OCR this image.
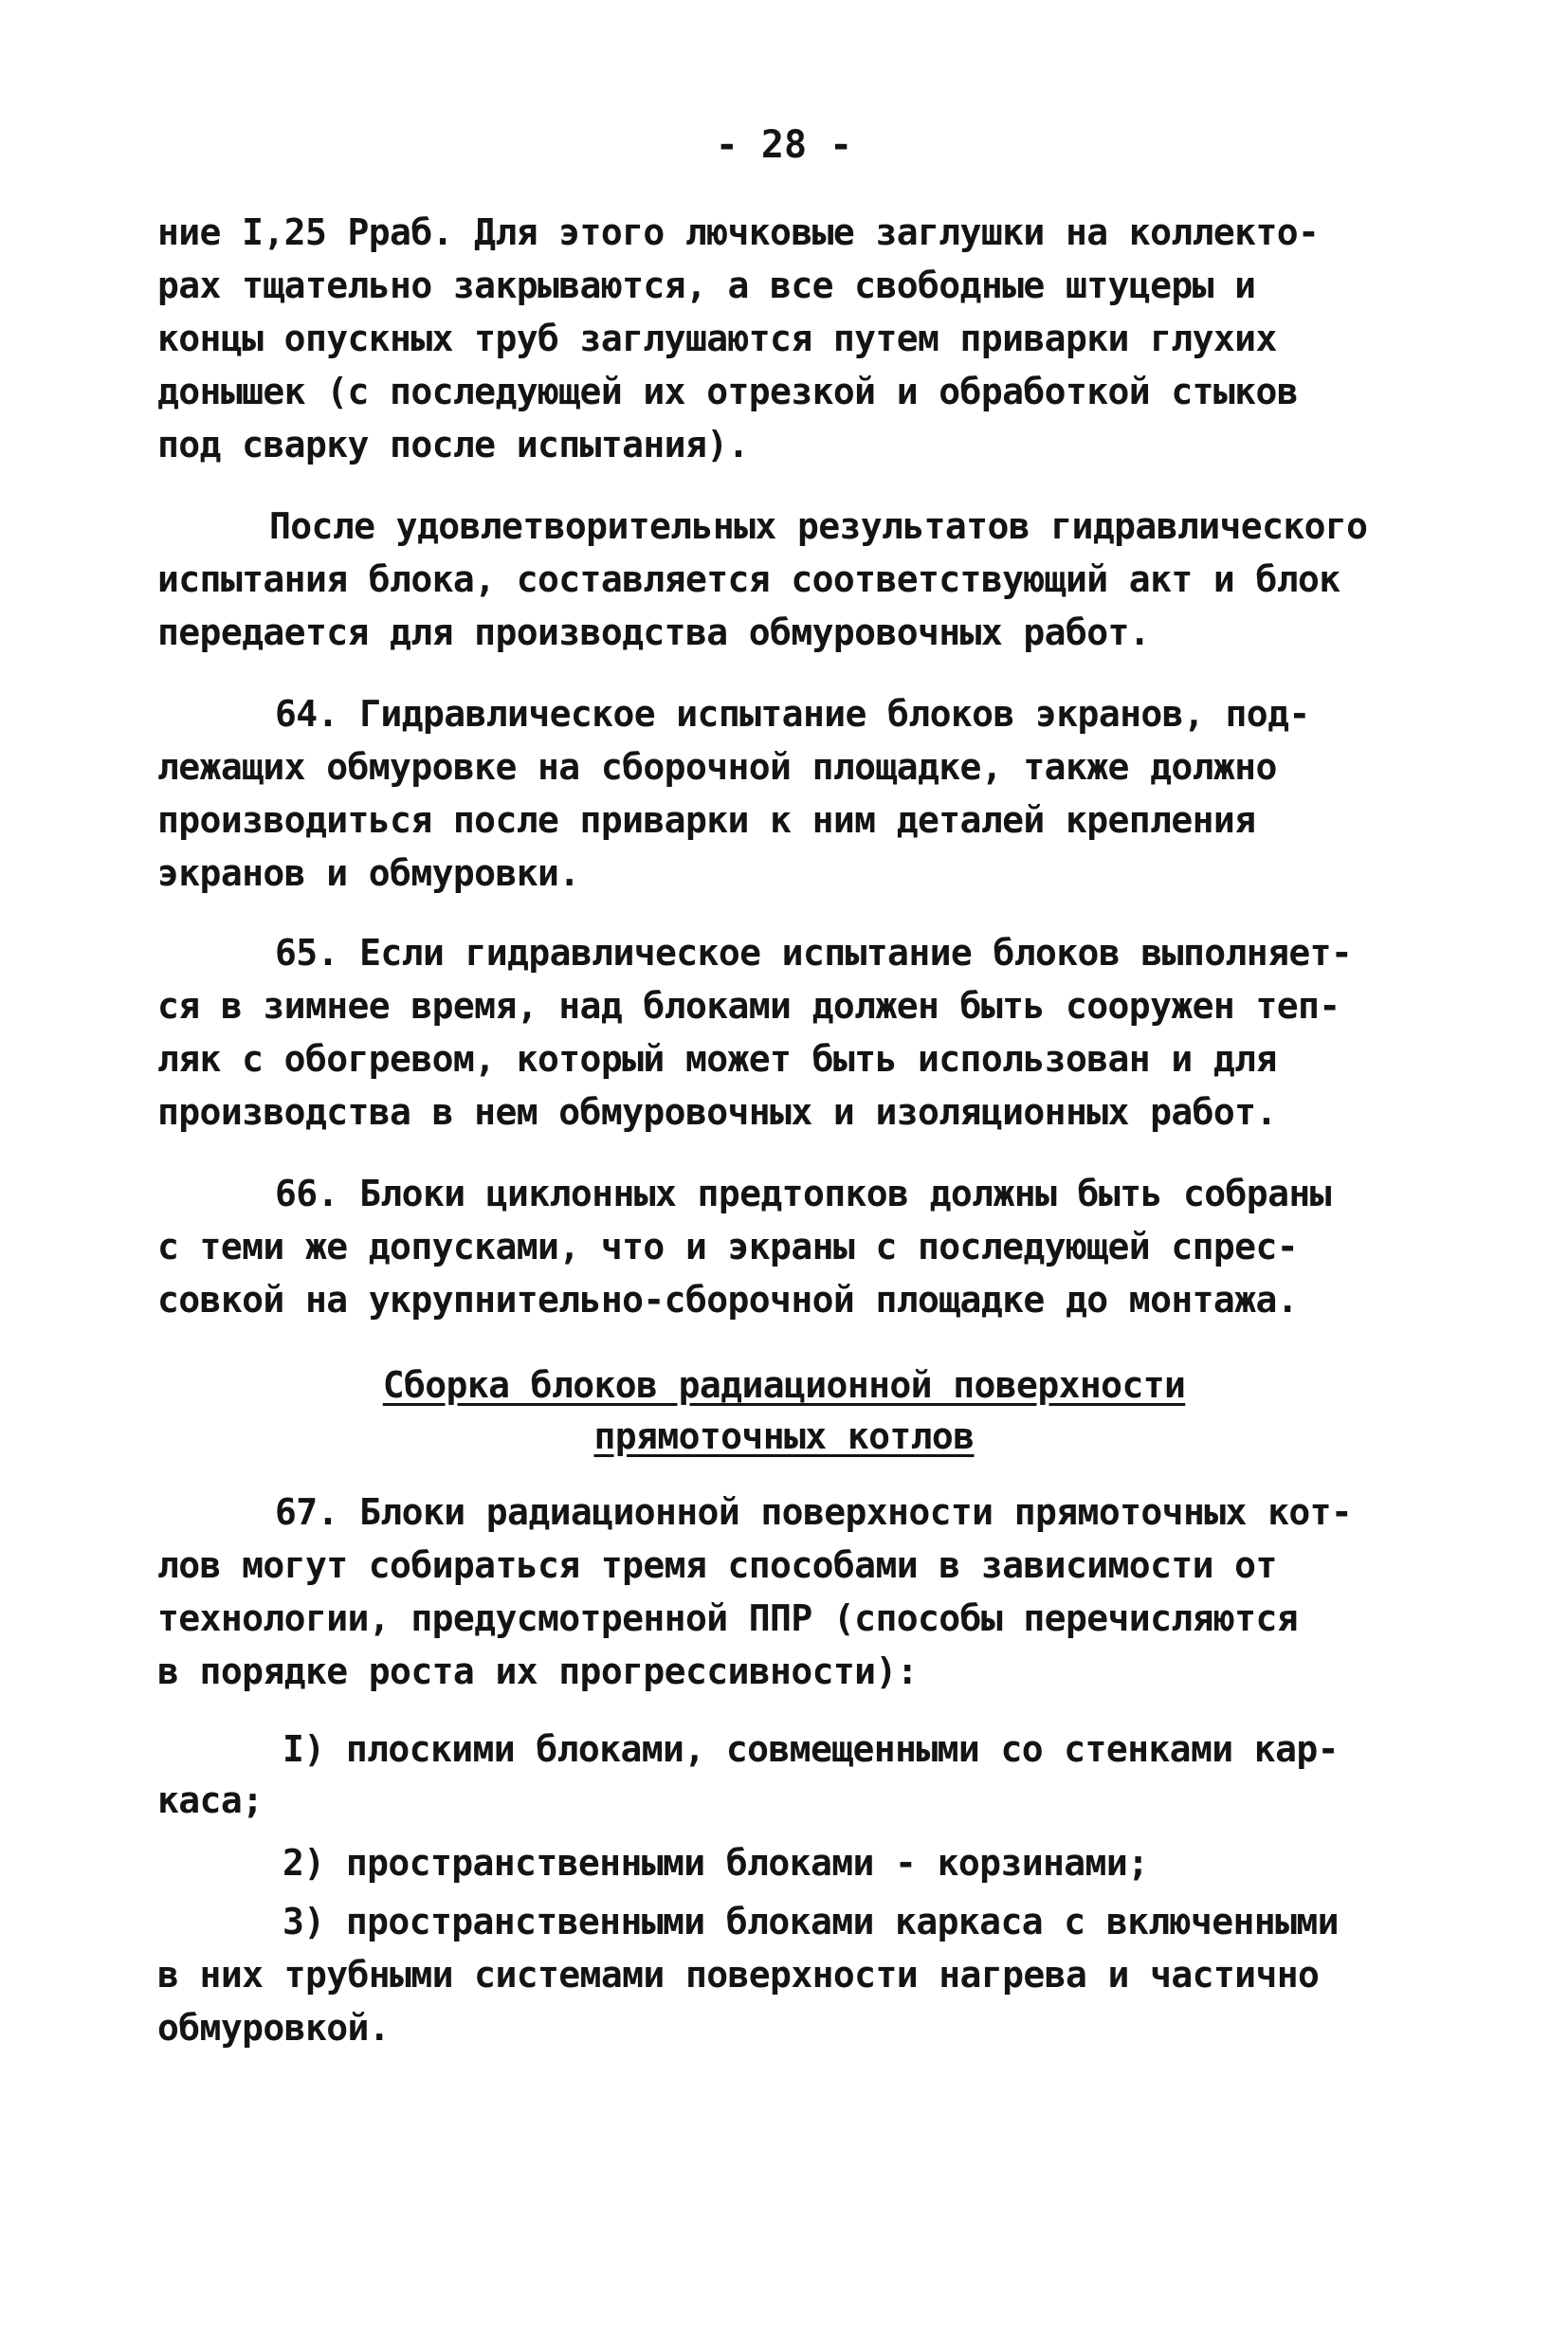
- 28 -
ние I,25 Рраб. Для этого лючковые заглушки на коллекто-
рах тщательно закрываются, а все свободные штуцеры и
концы опускных труб заглушаются путем приварки глухих
донышек (с последующей их отрезкой и обработкой стыков
под сварку после испытания).
После удовлетворительных результатов гидравлического
испытания блока, составляется соответствующий акт и блок
передается для производства обмуровочных работ.
64. Гидравлическое испытание блоков экранов, под-
лежащих обмуровке на сборочной площадке, также должно
производиться после приварки к ним деталей крепления
экранов и обмуровки.
65. Если гидравлическое испытание блоков выполняет-
ся в зимнее время, над блоками должен быть сооружен теп-
ляк с обогревом, который может быть использован и для
производства в нем обмуровочных и изоляционных работ.
66. Блоки циклонных предтопков должны быть собраны
с теми же допусками, что и экраны с последующей спрес-
совкой на укрупнительно-сборочной площадке до монтажа.
Сборка блоков радиационной поверхности
прямоточных котлов
67. Блоки радиационной поверхности прямоточных кот-
лов могут собираться тремя способами в зависимости от
технологии, предусмотренной ППР (способы перечисляются
в порядке роста их прогрессивности):
I) плоскими блоками, совмещенными со стенками кар-
каса;
2) пространственными блоками - корзинами;
3) пространственными блоками каркаса с включенными
в них трубными системами поверхности нагрева и частично
обмуровкой.
